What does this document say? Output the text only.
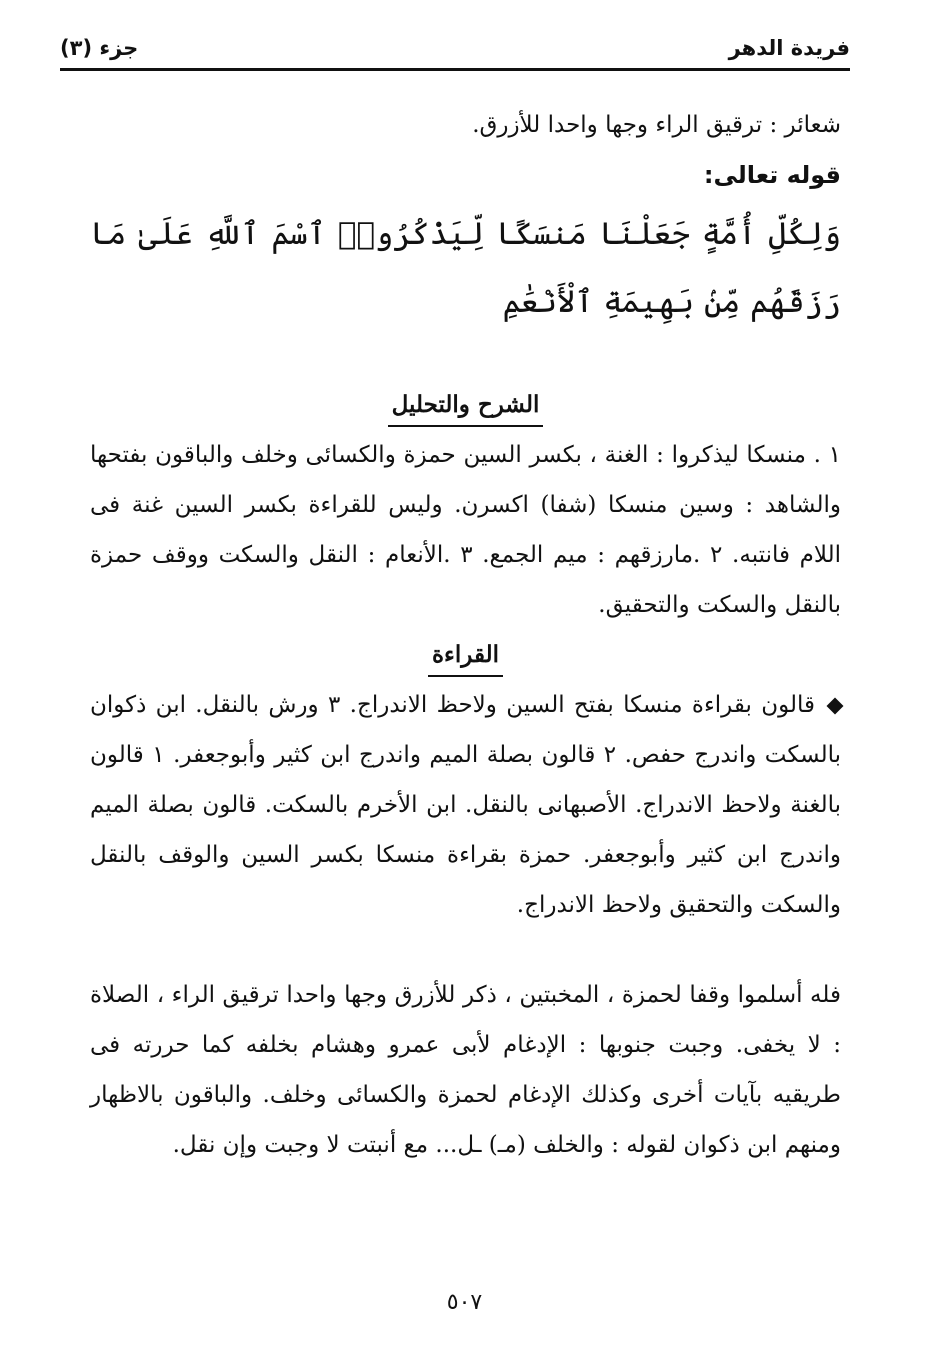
فريدة الدهر
جزء (٣)

شعائر : ترقيق الراء وجها واحدا للأزرق.

قوله تعالى:

وَلِكُلِّ أُمَّةٍ جَعَلْنَا مَنسَكًا لِّيَذْكُرُوا۟ ٱسْمَ ٱللَّهِ عَلَىٰ مَا رَزَقَهُم مِّنۢ بَهِيمَةِ ٱلْأَنْعَٰمِ

الشرح والتحليل

١ . منسكا ليذكروا : الغنة ، بكسر السين حمزة والكسائى وخلف والباقون بفتحها والشاهد : وسين منسكا (شفا) اكسرن. وليس للقراءة بكسر السين غنة فى اللام فانتبه. ٢ .مارزقهم : ميم الجمع. ٣ .الأنعام : النقل والسكت ووقف حمزة بالنقل والسكت والتحقيق.

القراءة

قالون بقراءة منسكا بفتح السين ولاحظ الاندراج. ٣ ورش بالنقل. ابن ذكوان بالسكت واندرج حفص. ٢ قالون بصلة الميم واندرج ابن كثير وأبوجعفر. ١ قالون بالغنة ولاحظ الاندراج. الأصبهانى بالنقل. ابن الأخرم بالسكت. قالون بصلة الميم واندرج ابن كثير وأبوجعفر. حمزة بقراءة منسكا بكسر السين والوقف بالنقل والسكت والتحقيق ولاحظ الاندراج.

فله أسلموا وقفا لحمزة ، المخبتين ، ذكر للأزرق وجها واحدا ترقيق الراء ، الصلاة : لا يخفى. وجبت جنوبها : الإدغام لأبى عمرو وهشام بخلفه كما حررته فى طريقيه بآيات أخرى وكذلك الإدغام لحمزة والكسائى وخلف. والباقون بالاظهار ومنهم ابن ذكوان لقوله : والخلف (مـ) ـل... مع أنبتت لا وجبت وإن نقل.

٥٠٧
